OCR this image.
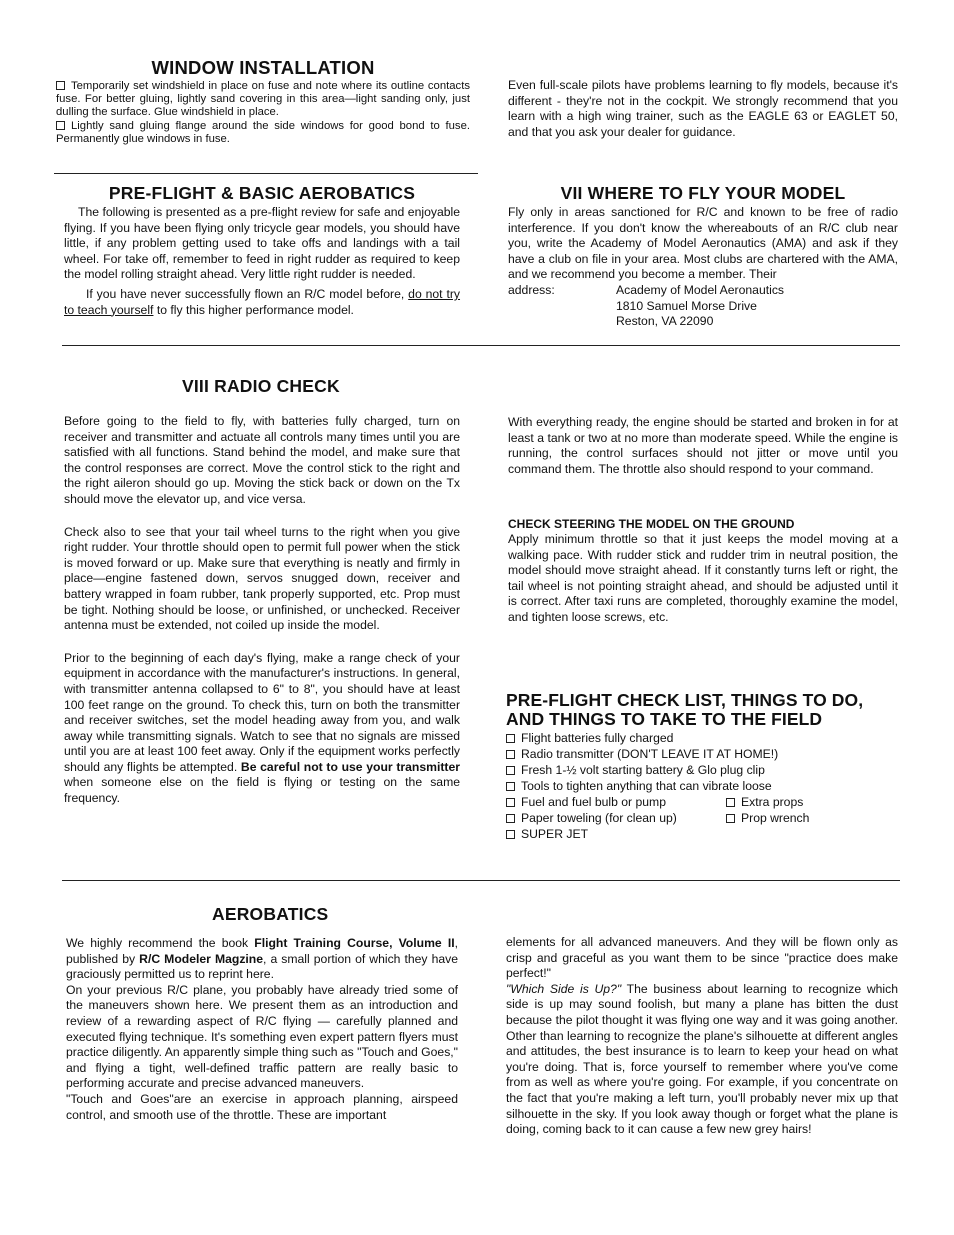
WINDOW INSTALLATION

Temporarily set windshield in place on fuse and note where its outline contacts fuse. For better gluing, lightly sand covering in this area—light sanding only, just dulling the surface. Glue windshield in place.

Lightly sand gluing flange around the side windows for good bond to fuse. Permanently glue windows in fuse.

Even full-scale pilots have problems learning to fly models, because it's different - they're not in the cockpit. We strongly recommend that you learn with a high wing trainer, such as the EAGLE 63 or EAGLET 50, and that you ask your dealer for guidance.

PRE-FLIGHT & BASIC AEROBATICS

The following is presented as a pre-flight review for safe and enjoyable flying. If you have been flying only tricycle gear models, you should have little, if any problem getting used to take offs and landings with a tail wheel. For take off, remember to feed in right rudder as required to keep the model rolling straight ahead. Very little right rudder is needed.

If you have never successfully flown an R/C model before, do not try to teach yourself to fly this higher performance model.

VII WHERE TO FLY YOUR MODEL

Fly only in areas sanctioned for R/C and known to be free of radio interference. If you don't know the whereabouts of an R/C club near you, write the Academy of Model Aeronautics (AMA) and ask if they have a club on file in your area. Most clubs are chartered with the AMA, and we recommend you become a member. Their

address:	Academy of Model Aeronautics
1810 Samuel Morse Drive
Reston, VA 22090
VIII RADIO CHECK

Before going to the field to fly, with batteries fully charged, turn on receiver and transmitter and actuate all controls many times until you are satisfied with all functions. Stand behind the model, and make sure that the control responses are correct. Move the control stick to the right and the right aileron should go up. Moving the stick back or down on the Tx should move the elevator up, and vice versa.

Check also to see that your tail wheel turns to the right when you give right rudder. Your throttle should open to permit full power when the stick is moved forward or up. Make sure that everything is neatly and firmly in place—engine fastened down, servos snugged down, receiver and battery wrapped in foam rubber, tank properly supported, etc. Prop must be tight. Nothing should be loose, or unfinished, or unchecked. Receiver antenna must be extended, not coiled up inside the model.

Prior to the beginning of each day's flying, make a range check of your equipment in accordance with the manufacturer's instructions. In general, with transmitter antenna collapsed to 6" to 8", you should have at least 100 feet range on the ground. To check this, turn on both the transmitter and receiver switches, set the model heading away from you, and walk away while transmitting signals. Watch to see that no signals are missed until you are at least 100 feet away. Only if the equipment works perfectly should any flights be attempted. Be careful not to use your transmitter when someone else on the field is flying or testing on the same frequency.

With everything ready, the engine should be started and broken in for at least a tank or two at no more than moderate speed. While the engine is running, the control surfaces should not jitter or move until you command them. The throttle also should respond to your command.

CHECK STEERING THE MODEL ON THE GROUND

Apply minimum throttle so that it just keeps the model moving at a walking pace. With rudder stick and rudder trim in neutral position, the model should move straight ahead. If it constantly turns left or right, the tail wheel is not pointing straight ahead, and should be adjusted until it is correct. After taxi runs are completed, thoroughly examine the model, and tighten loose screws, etc.

PRE-FLIGHT CHECK LIST, THINGS TO DO,
AND THINGS TO TAKE TO THE FIELD
Flight batteries fully charged
Radio transmitter (DON'T LEAVE IT AT HOME!)
Fresh 1-½ volt starting battery & Glo plug clip
Tools to tighten anything that can vibrate loose
Fuel and fuel bulb or pump	Extra props
Paper toweling (for clean up)	Prop wrench
SUPER JET
AEROBATICS

We highly recommend the book Flight Training Course, Volume II, published by R/C Modeler Magzine, a small portion of which they have graciously permitted us to reprint here.

On your previous R/C plane, you probably have already tried some of the maneuvers shown here. We present them as an introduction and review of a rewarding aspect of R/C flying — carefully planned and executed flying technique. It's something even expert pattern flyers must practice diligently. An apparently simple thing such as "Touch and Goes," and flying a tight, well-defined traffic pattern are really basic to performing accurate and precise advanced maneuvers.

"Touch and Goes"are an exercise in approach planning, airspeed control, and smooth use of the throttle. These are important

elements for all advanced maneuvers. And they will be flown only as crisp and graceful as you want them to be since "practice does make perfect!"

"Which Side is Up?" The business about learning to recognize which side is up may sound foolish, but many a plane has bitten the dust because the pilot thought it was flying one way and it was going another. Other than learning to recognize the plane's silhouette at different angles and attitudes, the best insurance is to learn to keep your head on what you're doing. That is, force yourself to remember where you've come from as well as where you're going. For example, if you concentrate on the fact that you're making a left turn, you'll probably never mix up that silhouette in the sky. If you look away though or forget what the plane is doing, coming back to it can cause a few new grey hairs!
